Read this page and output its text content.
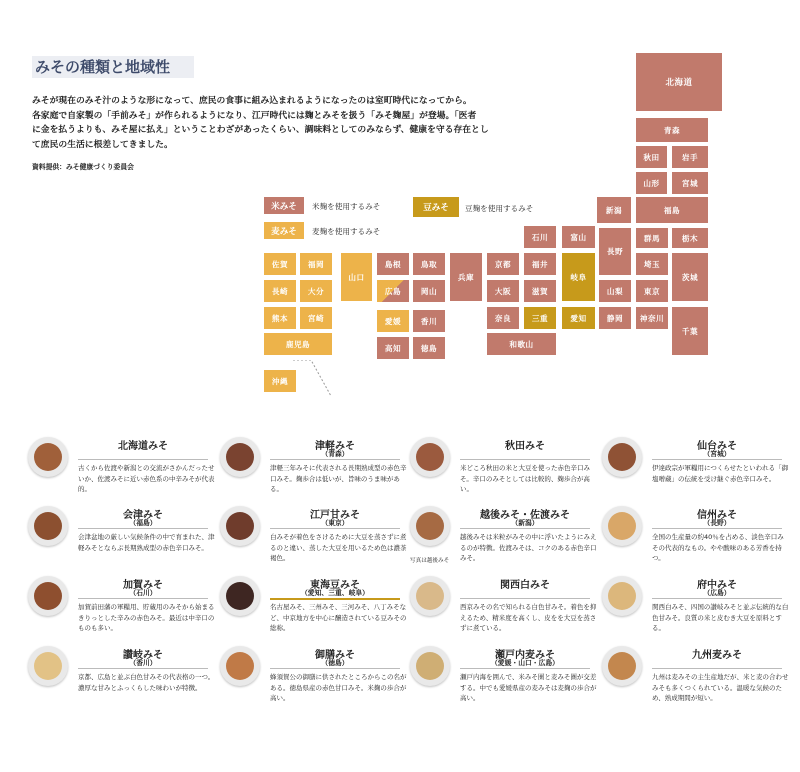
みその種類と地域性

みそが現在のみそ汁のような形になって、庶民の食事に組み込まれるようになったのは室町時代になってから。

各家庭で自家製の「手前みそ」が作られるようになり、江戸時代には麹とみそを扱う「みそ麹屋」が登場。「医者

に金を払うよりも、みそ屋に払え」ということわざがあったくらい、調味料としてのみならず、健康を守る存在とし

て庶民の生活に根差してきました。

資料提供：みそ健康づくり委員会
米みそ	米麹を使用するみそ
麦みそ	麦麹を使用するみそ
豆みそ	豆麹を使用するみそ
北海道
青森
秋田	岩手
山形	宮城
新潟	福島
石川	富山
長野
群馬	栃木
埼玉
茨城
山梨	東京
静岡	神奈川
千葉
岐阜
愛知
福井
滋賀
三重
京都
大阪
奈良
和歌山
兵庫
島根	鳥取
広島	岡山
山口
愛媛	香川
高知	徳島
佐賀	福岡
長崎	大分
熊本	宮崎
鹿児島
沖縄
北海道みそ
古くから佐渡や新潟との交流がさかんだったせいか、佐渡みそに近い赤色系の中辛みそが代表的。
津軽みそ
（青森）
津軽三年みそに代表される長期熟成型の赤色辛口みそ。麹歩合は低いが、旨味のうま味がある。
秋田みそ
米どころ秋田の米と大豆を使った赤色辛口みそ。辛口のみそとしては比較的、麹歩合が高い。
仙台みそ
（宮城）
伊達政宗が軍糧用につくらせたといわれる「御塩噌蔵」の伝統を受け継ぐ赤色辛口みそ。
会津みそ
（福島）
会津盆地の厳しい気候条件の中で育まれた、津軽みそとならぶ長期熟成型の赤色辛口みそ。
江戸甘みそ
（東京）
白みそが着色をさけるために大豆を蒸さずに煮るのと違い、蒸した大豆を用いるため色は濃茶褐色。
越後みそ・佐渡みそ
（新潟）
越後みそは米粒がみその中に浮いたようにみえるのが特徴。佐渡みそは、コクのある赤色辛口みそ。
写真は越後みそ
信州みそ
（長野）
全国の生産量の約40％を占める、淡色辛口みその代表的なもの。やや酸味のある芳香を持つ。
加賀みそ
（石川）
加賀前田藩の軍糧用、貯蔵用のみそから始まるきりっとした辛みの赤色みそ。最近は中辛口のものも多い。
東海豆みそ
（愛知、三重、岐阜）
名古屋みそ、三州みそ、三河みそ、八丁みそなど、中京地方を中心に醸造されている豆みその総称。
関西白みそ
西京みその名で知られる白色甘みそ。着色を抑えるため、精米度を高くし、皮をを大豆を蒸さずに煮ている。
府中みそ
（広島）
関西白みそ、四国の讃岐みそと並ぶ伝統的な白色甘みそ。良質の米と皮むき大豆を原料とする。
讃岐みそ
（香川）
京都、広島と並ぶ白色甘みその代表格の一つ。濃厚な甘みとふっくらした味わいが特徴。
御膳みそ
（徳島）
蜂須賀公の御膳に供されたところからこの名がある。徳島県産の赤色甘口みそ。米麹の歩合が高い。
瀬戸内麦みそ
（愛媛・山口・広島）
瀬戸内海を囲んで、米みそ圏と麦みそ圏が交差する。中でも愛媛県産の麦みそは麦麹の歩合が高い。
九州麦みそ
九州は麦みその主生産地だが、米と麦の合わせみそも多くつくられている。温暖な気候のため、熟成期間が短い。
